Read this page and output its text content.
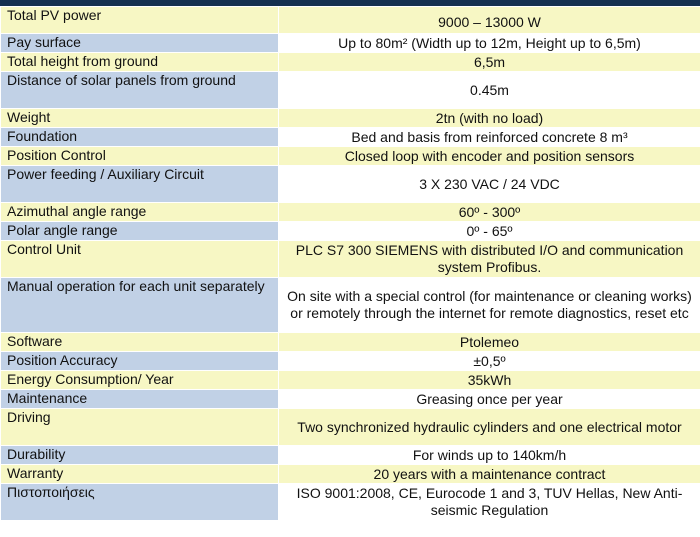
Total PV power	9000 – 13000 W
Pay surface	Up to 80m² (Width up to 12m, Height up to 6,5m)
Total height from ground	6,5m
Distance of solar panels from ground	0.45m
Weight	2tn (with no load)
Foundation	Bed and basis from reinforced concrete 8 m³
Position Control	Closed loop with encoder and position sensors
Power feeding / Auxiliary Circuit	3 X 230 VAC / 24 VDC
Azimuthal angle range	60º - 300º
Polar angle range	0º - 65º
Control Unit	PLC S7 300 SIEMENS with distributed I/O and communication system Profibus.
Manual operation for each unit separately	On site with a special control (for maintenance or cleaning works) or remotely through the internet for remote diagnostics, reset etc
Software	Ptolemeo
Position Accuracy	±0,5º
Energy Consumption/ Year	35kWh
Maintenance	Greasing once per year
Driving	Two synchronized hydraulic cylinders and one electrical motor
Durability	For winds up to 140km/h
Warranty	20 years with a maintenance contract
Πιστοποιήσεις	ISO 9001:2008, CE, Eurocode 1 and 3, TUV Hellas, New Anti-seismic Regulation
